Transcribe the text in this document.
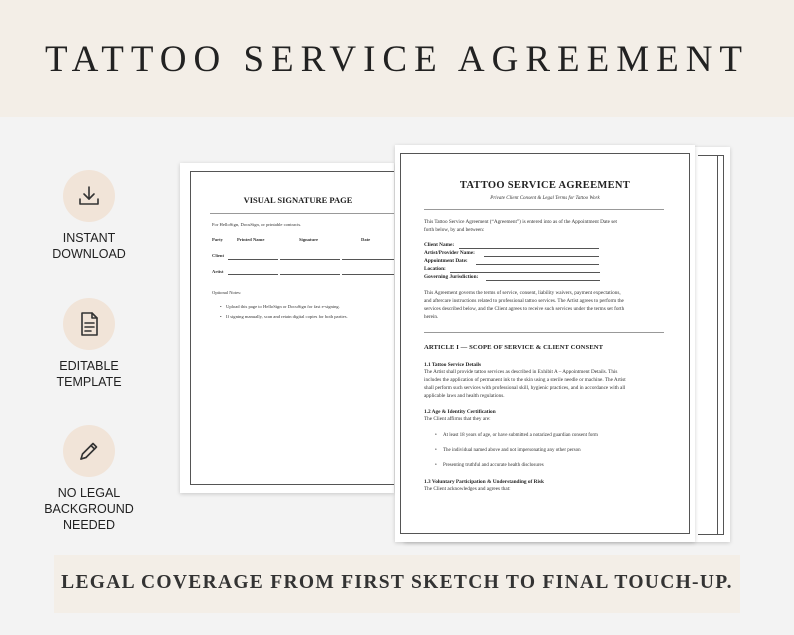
TATTOO SERVICE AGREEMENT
INSTANT
DOWNLOAD
EDITABLE
TEMPLATE
NO LEGAL
BACKGROUND
NEEDED
VISUAL SIGNATURE PAGE
For HelloSign, DocuSign, or printable contracts.
Party	Printed Name	Signature	Date
Client
Artist
Optional Notes:
Upload this page to HelloSign or DocuSign for fast e-signing.
If signing manually, scan and retain digital copies for both parties.
•
•
TATTOO SERVICE AGREEMENT
Private Client Consent & Legal Terms for Tattoo Work
This Tattoo Service Agreement (“Agreement”) is entered into as of the Appointment Date set
forth below, by and between:
Client Name:
Artist/Provider Name:
Appointment Date:
Location:
Governing Jurisdiction:
This Agreement governs the terms of service, consent, liability waivers, payment expectations,
and aftercare instructions related to professional tattoo services. The Artist agrees to perform the
services described below, and the Client agrees to receive such services under the terms set forth
herein.
ARTICLE I — SCOPE OF SERVICE & CLIENT CONSENT
1.1 Tattoo Service Details
The Artist shall provide tattoo services as described in Exhibit A – Appointment Details. This
includes the application of permanent ink to the skin using a sterile needle or machine. The Artist
shall perform such services with professional skill, hygienic practices, and in accordance with all
applicable laws and health regulations.
1.2 Age & Identity Certification
The Client affirms that they are:
• At least 18 years of age, or have submitted a notarized guardian consent form
• The individual named above and not impersonating any other person
• Presenting truthful and accurate health disclosures
1.3 Voluntary Participation & Understanding of Risk
The Client acknowledges and agrees that:
LEGAL COVERAGE FROM FIRST SKETCH TO FINAL TOUCH-UP.
